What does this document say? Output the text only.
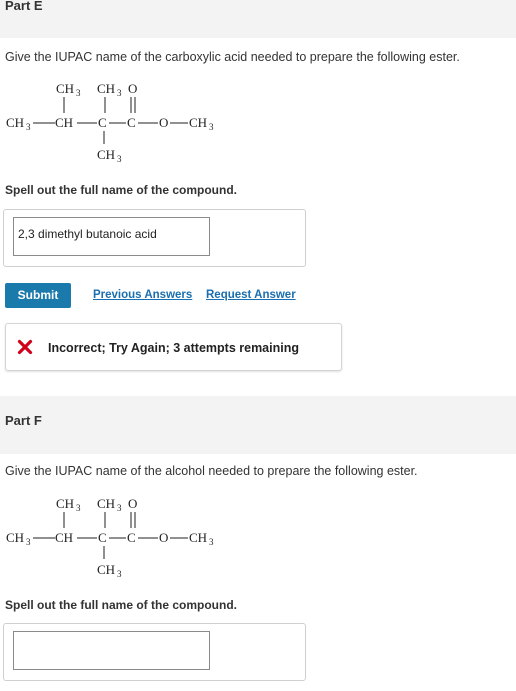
Part E
Give the IUPAC name of the carboxylic acid needed to prepare the following ester.
CH 3 CH 3 O
CH 3 CH C C O CH 3
CH 3
Spell out the full name of the compound.
2,3 dimethyl butanoic acid
Submit	Previous Answers Request Answer
Incorrect; Try Again; 3 attempts remaining
Part F
Give the IUPAC name of the alcohol needed to prepare the following ester.
CH 3 CH 3 O
CH 3 CH C C O CH 3
CH 3
Spell out the full name of the compound.
